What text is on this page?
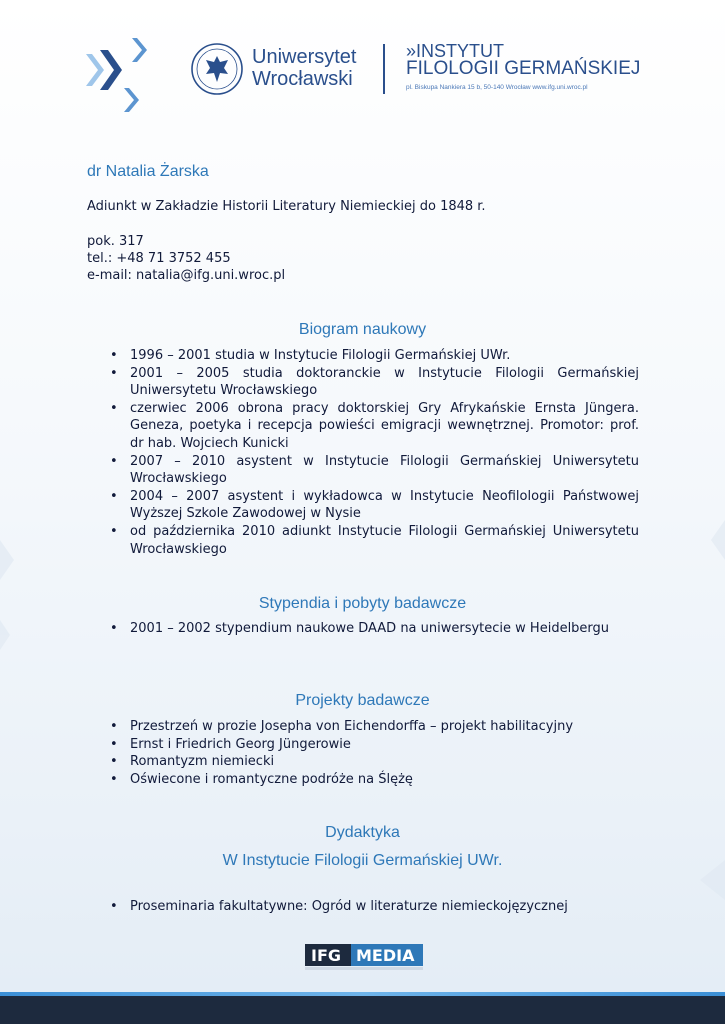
Uniwersytet
Wrocławski
»INSTYTUT
FILOLOGII GERMAŃSKIEJ
pl. Biskupa Nankiera 15 b, 50-140 Wrocław www.ifg.uni.wroc.pl
dr Natalia Żarska
Adiunkt w Zakładzie Historii Literatury Niemieckiej do 1848 r.
pok. 317
tel.: +48 71 3752 455
e-mail: natalia@ifg.uni.wroc.pl
Biogram naukowy
• 1996 – 2001 studia w Instytucie Filologii Germańskiej UWr.
• 2001 – 2005 studia doktoranckie w Instytucie Filologii Germańskiej Uniwersytetu Wrocławskiego
• czerwiec 2006 obrona pracy doktorskiej Gry Afrykańskie Ernsta Jüngera. Geneza, poetyka i recepcja powieści emigracji wewnętrznej. Promotor: prof. dr hab. Wojciech Kunicki
• 2007 – 2010 asystent w Instytucie Filologii Germańskiej Uniwersytetu Wrocławskiego
• 2004 – 2007 asystent i wykładowca w Instytucie Neofilologii Państwowej Wyższej Szkole Zawodowej w Nysie
• od października 2010 adiunkt Instytucie Filologii Germańskiej Uniwersytetu Wrocławskiego
Stypendia i pobyty badawcze
• 2001 – 2002 stypendium naukowe DAAD na uniwersytecie w Heidelbergu
Projekty badawcze
• Przestrzeń w prozie Josepha von Eichendorffa – projekt habilitacyjny
• Ernst i Friedrich Georg Jüngerowie
• Romantyzm niemiecki
• Oświecone i romantyczne podróże na Ślężę
Dydaktyka
W Instytucie Filologii Germańskiej UWr.
• Proseminaria fakultatywne: Ogród w literaturze niemieckojęzycznej
IFG MEDIA
